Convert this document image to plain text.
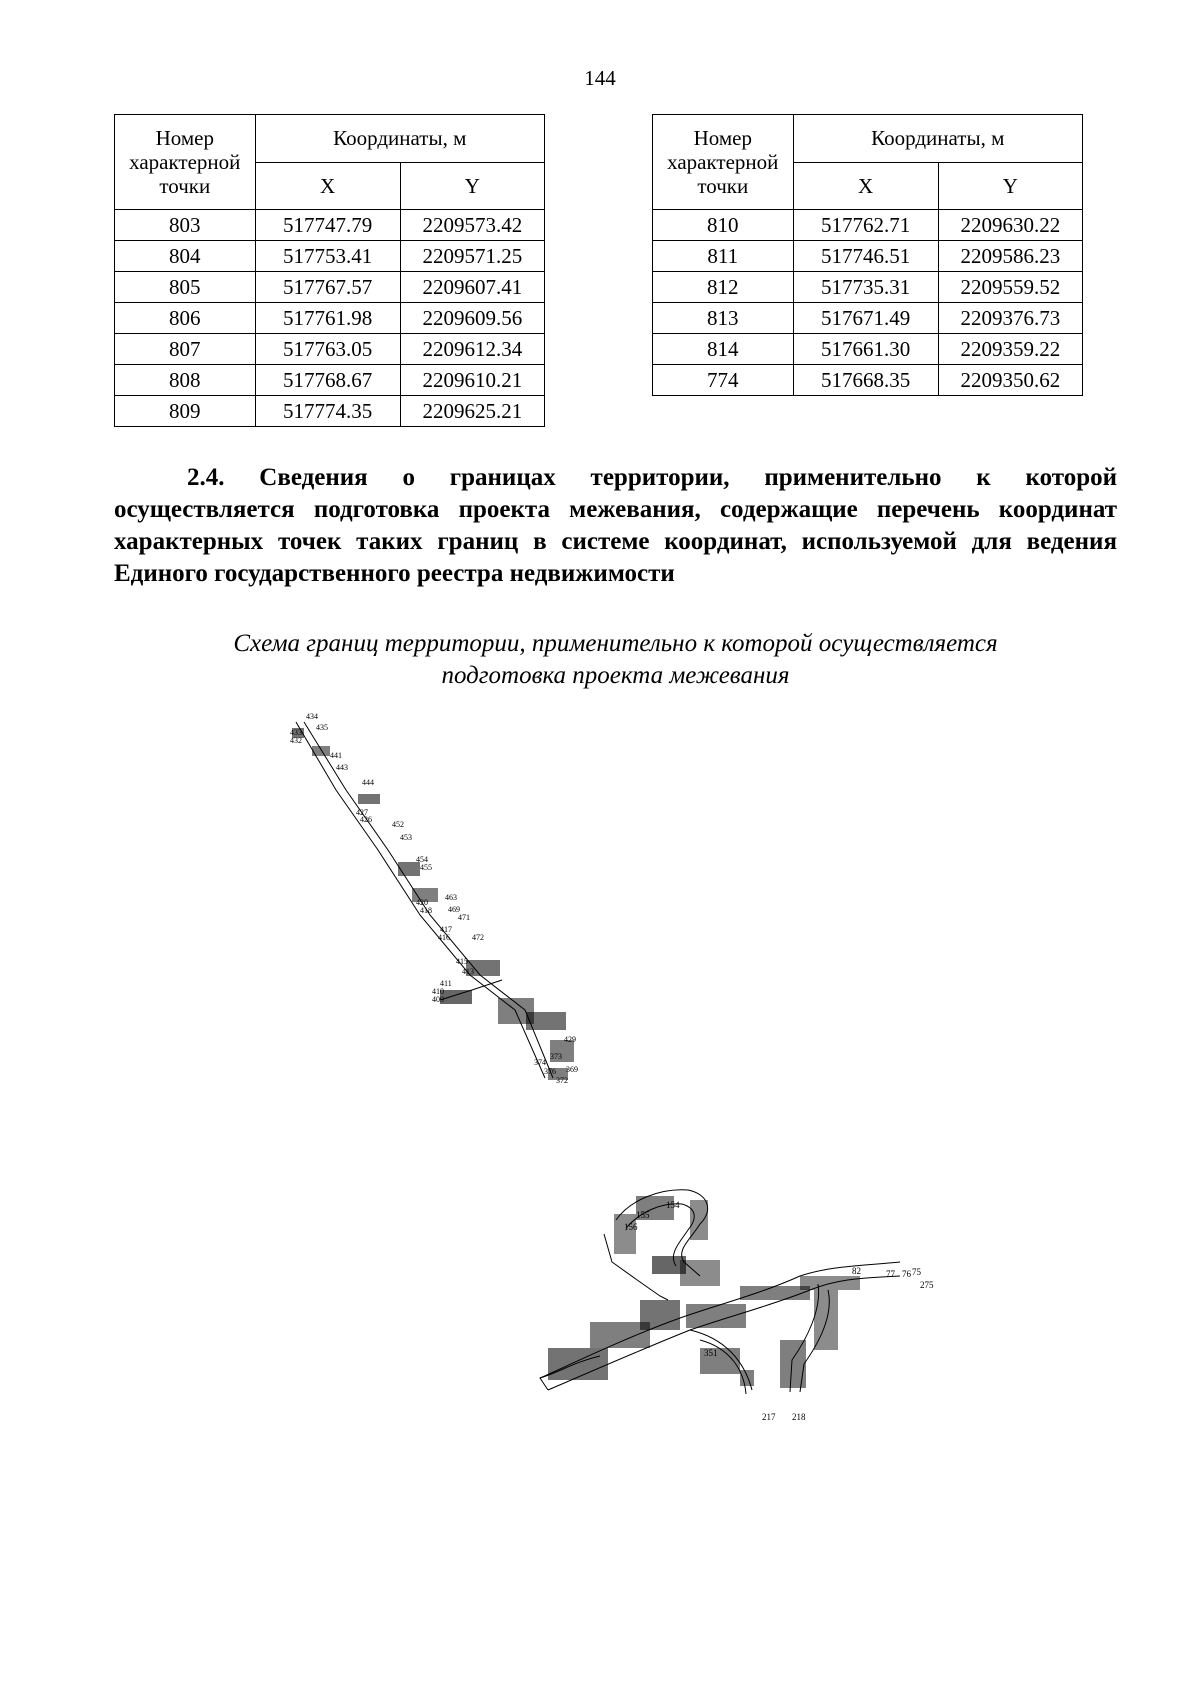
144
Номер характерной точки	Координаты, м	
	X	Y
803	517747.79	2209573.42
804	517753.41	2209571.25
805	517767.57	2209607.41
806	517761.98	2209609.56
807	517763.05	2209612.34
808	517768.67	2209610.21
809	517774.35	2209625.21
Номер характерной точки	Координаты, м	
	X	Y
810	517762.71	2209630.22
811	517746.51	2209586.23
812	517735.31	2209559.52
813	517671.49	2209376.73
814	517661.30	2209359.22
774	517668.35	2209350.62
2.4. Сведения о границах территории, применительно к которой
осуществляется подготовка проекта межевания, содержащие перечень координат характерных точек таких границ в системе координат, используемой для ведения Единого государственного реестра недвижимости
Схема границ территории, применительно к которой осуществляется
подготовка проекта межевания
434
435
433
432
441
443
444
427
426
452
453
454
455
420
463
469
471
418
417
416	472
415
413
411
410
409
429
374
373
376 369
372
154
155
156
82	77 76 75
275
351
217 218
